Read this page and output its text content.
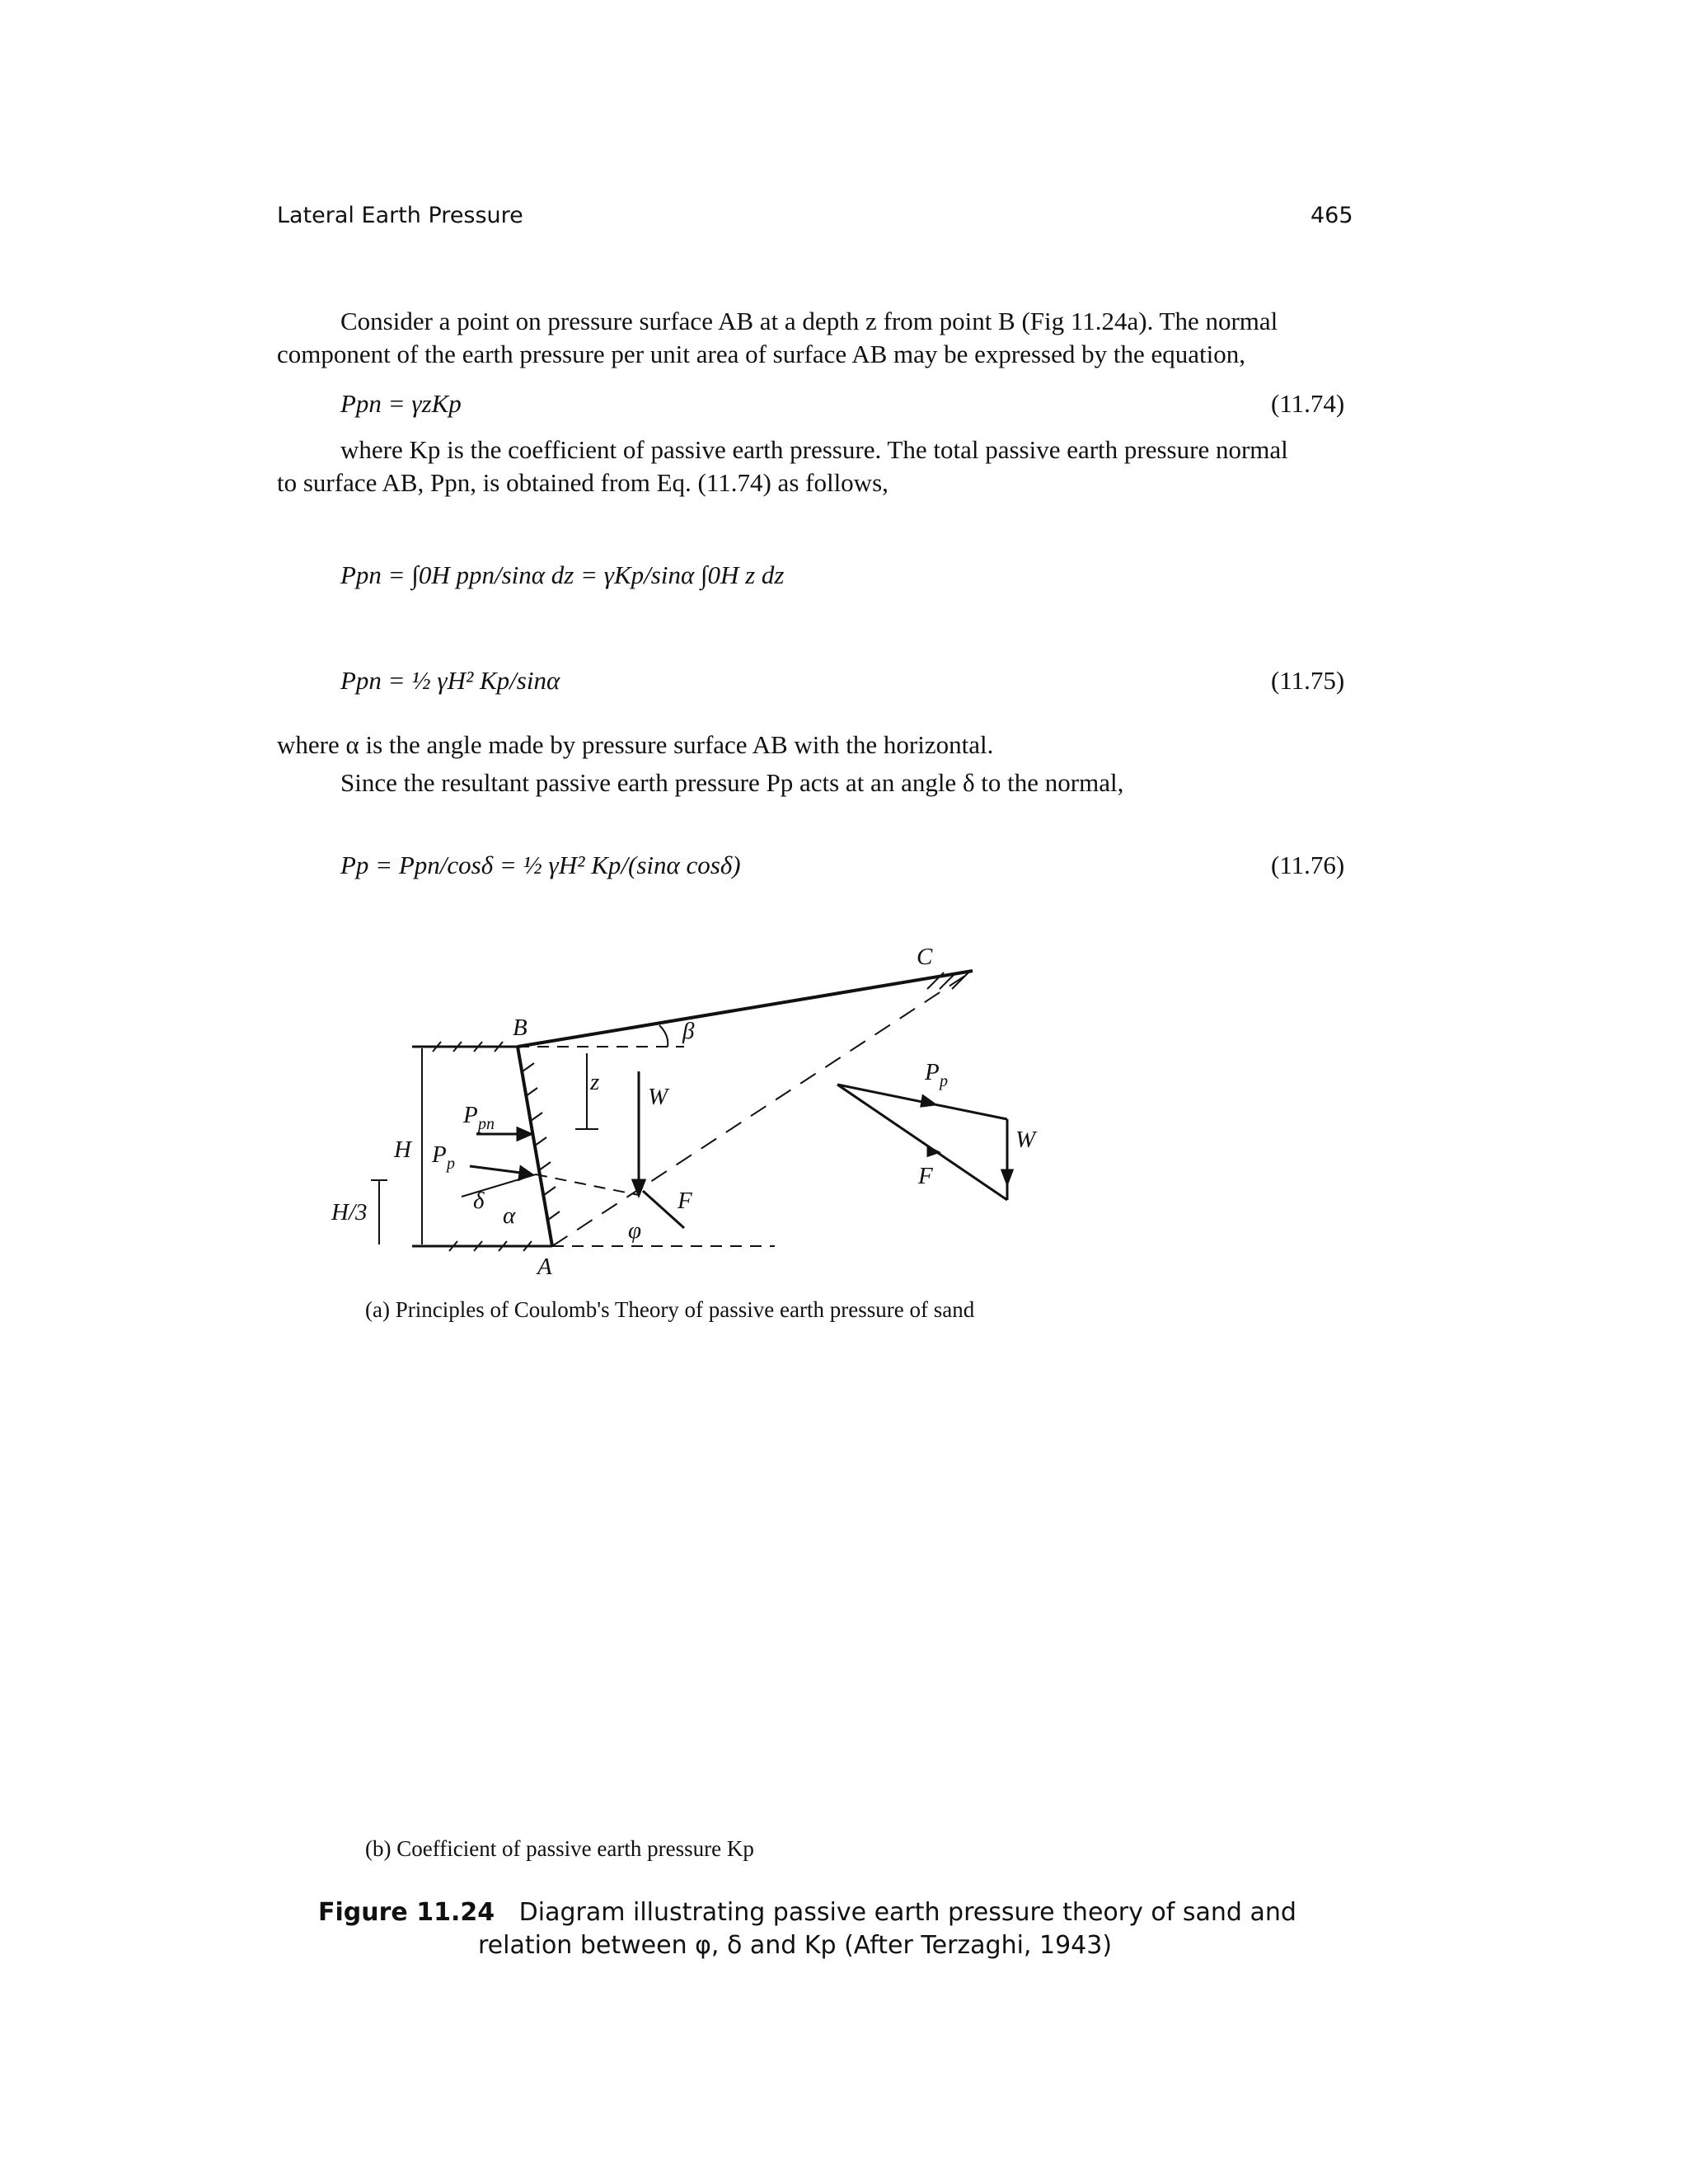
Lateral Earth Pressure	465
Consider a point on pressure surface AB at a depth z from point B (Fig 11.24a). The normal
component of the earth pressure per unit area of surface AB may be expressed by the equation,
Ppn = γzKp	(11.74)
where Kp is the coefficient of passive earth pressure. The total passive earth pressure normal
to surface AB, Ppn, is obtained from Eq. (11.74) as follows,
Ppn = ∫0H ppn/sinα dz = γKp/sinα ∫0H z dz
Ppn = ½ γH² Kp/sinα	(11.75)
where α is the angle made by pressure surface AB with the horizontal.
Since the resultant passive earth pressure Pp acts at an angle δ to the normal,
Pp = Ppn/cosδ = ½ γH² Kp/(sinα cosδ)	(11.76)
B
C
A
β
z
W
W
P p
F
P pn
P p
H
H/3	δ
α
φ
F
(a) Principles of Coulomb's Theory of passive earth pressure of sand
(b) Coefficient of passive earth pressure Kp
Figure 11.24 Diagram illustrating passive earth pressure theory of sand and
relation between φ, δ and Kp (After Terzaghi, 1943)
